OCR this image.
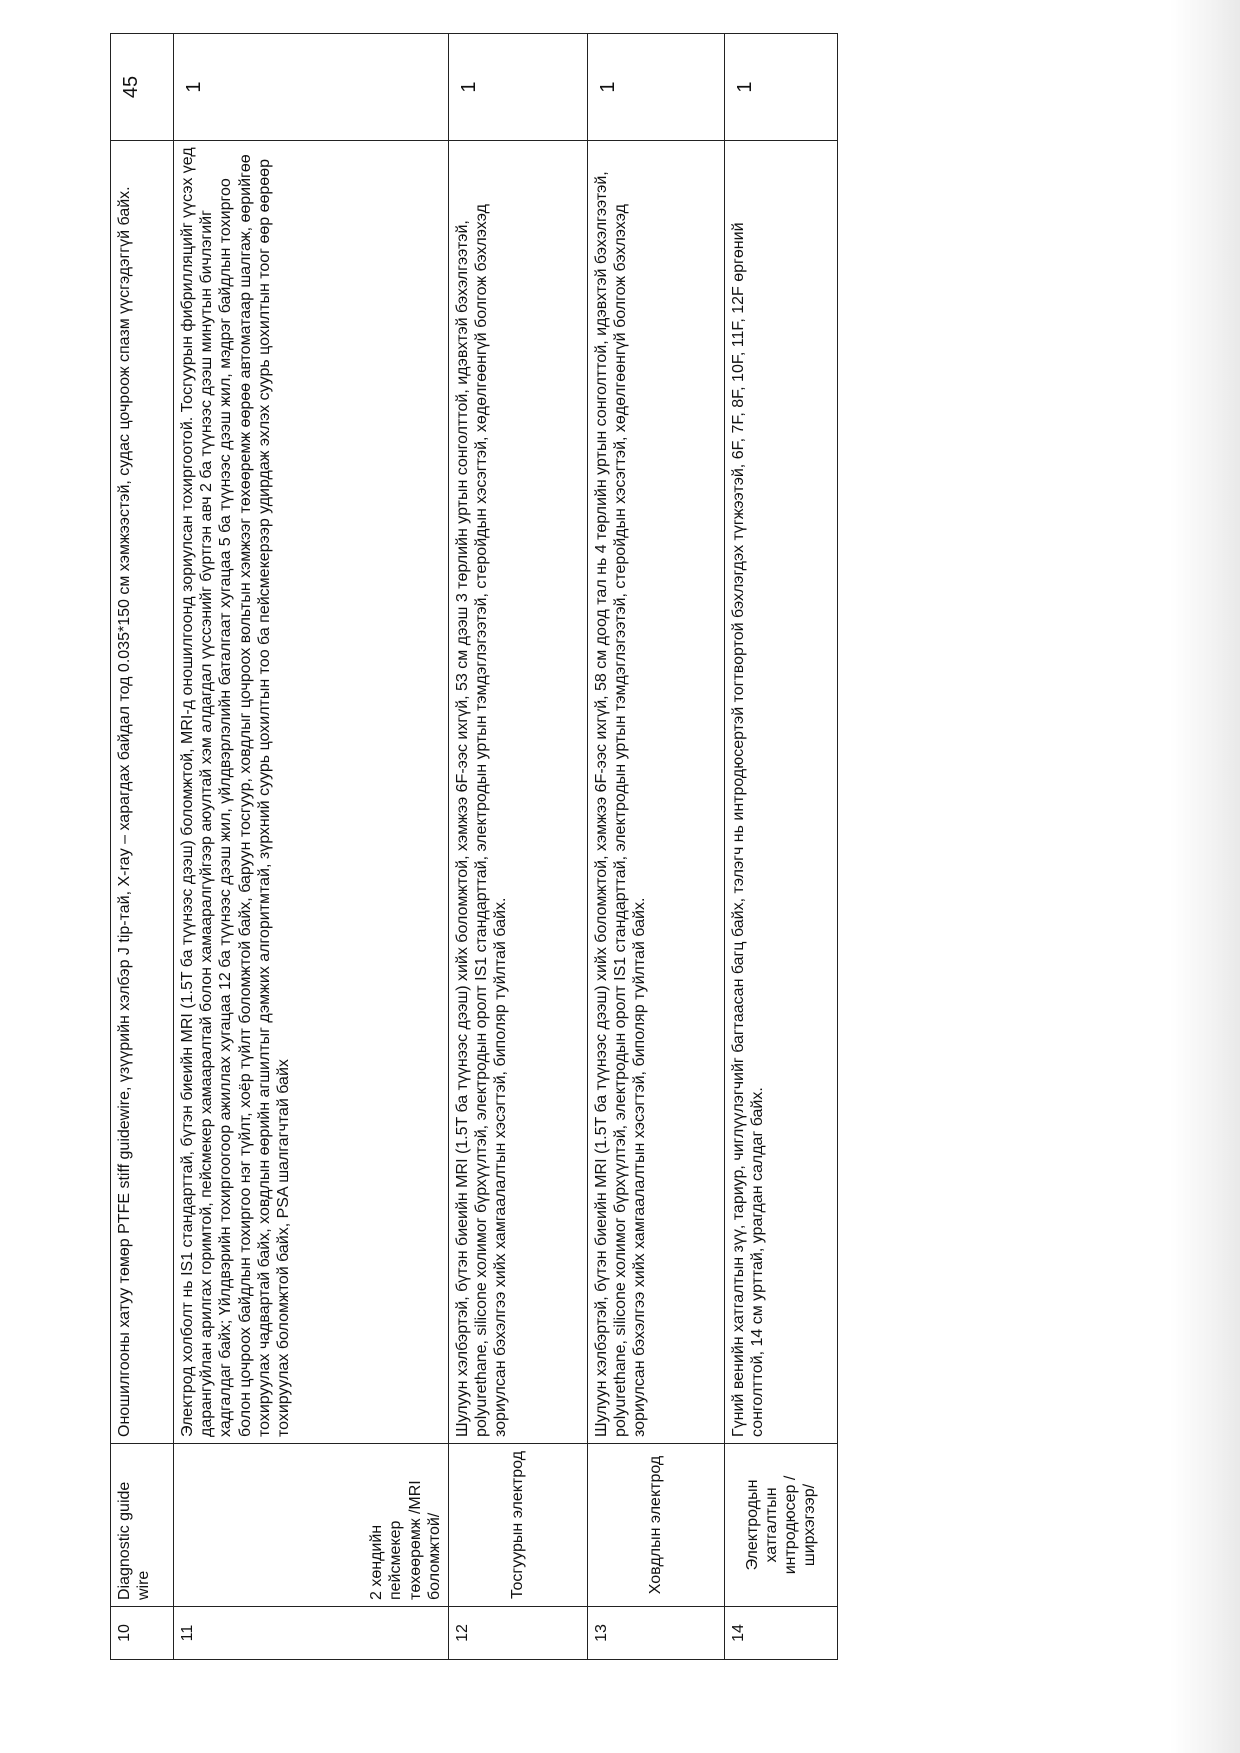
10	Diagnostic guide wire	Оношилгооны хатуу төмөр PTFE stiff guidewire, үзүүрийн хэлбэр J tip-тай, X-ray – харагдах байдал тод 0.035*150 см хэмжээстэй, судас цочроож спазм үүсгэдэггүй байх.	45
11	2 хөндийн пейсмекер төхөөрөмж /MRI боломжтой/	Электрод холболт нь IS1 стандарттай, бүтэн биеийн MRI (1.5T ба түүнээс дээш) боломжтой, MRI-д оношилгоонд зориулсан тохиргоотой. Тосгуурын фибрилляцийг үүсэх үед дарангуйлан арилгах горимтой, пейсмекер хамааралтай болон хамааралгүйгээр аюултай хэм алдагдал үүссэнийг бүртгэн авч 2 ба түүнээс дээш минутын бичлэгийг хадгалдаг байх; Үйлдвэрийн тохиргоогоор ажиллах хугацаа 12 ба түүнээс дээш жил, үйлдвэрлэлийн баталгаат хугацаа 5 ба түүнээс дээш жил, мэдрэг байдлын тохиргоо болон цочроох байдлын тохиргоо нэг түйлт, хоёр түйлт боломжтой байх, баруун тосгуур, ховдлыг цочроох вольтын хэмжээг төхөөремж өөрөө автоматаар шалгаж, өөрийгөө тохируулах чадвартай байх, ховдлын өөрийн агшилтыг дэмжих алгоритмтай, зүрхний суурь цохилтын тоо ба пейсмекерээр удирдаж эхлэх суурь цохилтын тоог өөр өөрөөр тохируулах боломжтой байх, PSA шалгагчтай байх	1
12	Тосгуурын электрод	Шулуун хэлбэртэй, бүтэн биеийн MRI (1.5T ба түүнээс дээш) хийх боломжтой, хэмжээ 6F-ээс ихгүй, 53 см дээш 3 төрлийн уртын сонголттой, идэвхтэй бэхэлгээтэй, polyurethane, silicone холимог бүрхүүлтэй, электродын оролт IS1 стандарттай, электродын уртын тэмдэглэгээтэй, стеройдын хэсэгтэй, хөдөлгөөнгүй болгож бэхлэхэд зориулсан бэхэлгээ хийх хамгаалалтын хэсэгтэй, биполяр туйлтай байх.	1
13	Ховдлын электрод	Шулуун хэлбэртэй, бүтэн биеийн MRI (1.5T ба түүнээс дээш) хийх боломжтой, хэмжээ 6F-ээс ихгүй, 58 см доод тал нь 4 төрлийн уртын сонголттой, идэвхтэй бэхэлгээтэй, polyurethane, silicone холимог бүрхүүлтэй, электродын оролт IS1 стандарттай, электродын уртын тэмдэглэгээтэй, стеройдын хэсэгтэй, хөдөлгөөнгүй болгож бэхлэхэд зориулсан бэхэлгээ хийх хамгаалалтын хэсэгтэй, биполяр туйлтай байх.	1
14	Электродын хатгалтын интродюсер /ширхэгээр/	Гүний венийн хатгалтын зүү, тариур, чиглүүлэгчийг багтаасан багц байх, тэлэгч нь интродюсертэй тогтвортой бэхлэгдэх түгжээтэй, 6F, 7F, 8F, 10F, 11F, 12F өргөний сонголттой, 14 см урттай, урагдан салдаг байх.	1
